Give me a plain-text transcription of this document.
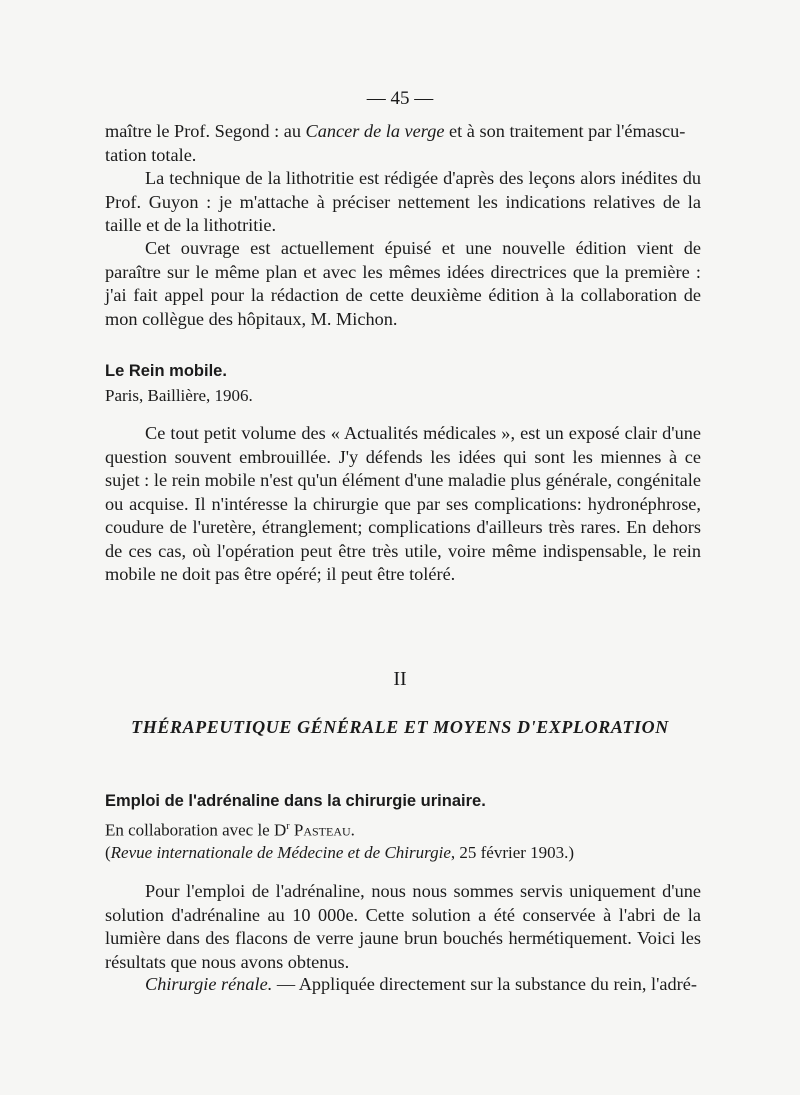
— 45 —

maître le Prof. Segond : au Cancer de la verge et à son traitement par l'émascu-
tation totale.

La technique de la lithotritie est rédigée d'après des leçons alors inédites du Prof. Guyon : je m'attache à préciser nettement les indications relatives de la taille et de la lithotritie.

Cet ouvrage est actuellement épuisé et une nouvelle édition vient de paraître sur le même plan et avec les mêmes idées directrices que la première : j'ai fait appel pour la rédaction de cette deuxième édition à la collaboration de mon collègue des hôpitaux, M. Michon.

Le Rein mobile.

Paris, Baillière, 1906.

Ce tout petit volume des « Actualités médicales », est un exposé clair d'une question souvent embrouillée. J'y défends les idées qui sont les miennes à ce sujet : le rein mobile n'est qu'un élément d'une maladie plus générale, congénitale ou acquise. Il n'intéresse la chirurgie que par ses complications: hydronéphrose, coudure de l'uretère, étranglement; complications d'ailleurs très rares. En dehors de ces cas, où l'opération peut être très utile, voire même indispensable, le rein mobile ne doit pas être opéré; il peut être toléré.

II
THÉRAPEUTIQUE GÉNÉRALE ET MOYENS D'EXPLORATION

Emploi de l'adrénaline dans la chirurgie urinaire.

En collaboration avec le $D^r$ Pasteau.

(Revue internationale de Médecine et de Chirurgie, 25 février 1903.)

Pour l'emploi de l'adrénaline, nous nous sommes servis uniquement d'une solution d'adrénaline au 10 000e. Cette solution a été conservée à l'abri de la lumière dans des flacons de verre jaune brun bouchés hermétiquement. Voici les résultats que nous avons obtenus.

Chirurgie rénale. — Appliquée directement sur la substance du rein, l'adré-
